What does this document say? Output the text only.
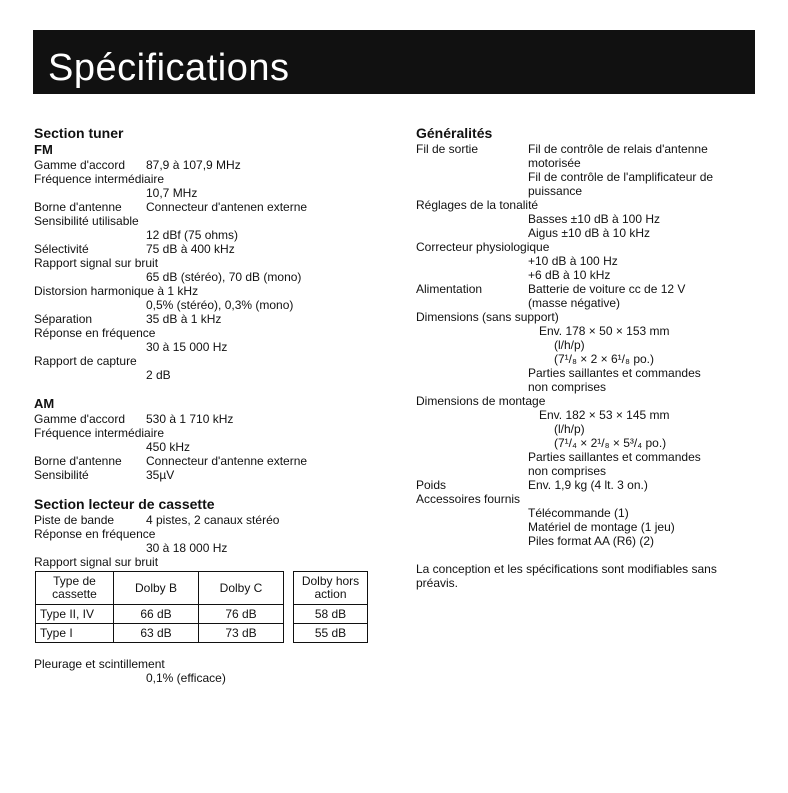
Spécifications
Section tuner
FM
Gamme d'accord 87,9 à 107,9 MHz
Fréquence intermédiaire
10,7 MHz
Borne d'antenne Connecteur d'antenen externe
Sensibilité utilisable
12 dBf (75 ohms)
Sélectivité	75 dB à 400 kHz
Rapport signal sur bruit
65 dB (stéréo), 70 dB (mono)
Distorsion harmonique à 1 kHz
0,5% (stéréo), 0,3% (mono)
Séparation	35 dB à 1 kHz
Réponse en fréquence
30 à 15 000 Hz
Rapport de capture
2 dB
AM
Gamme d'accord 530 à 1 710 kHz
Fréquence intermédiaire
450 kHz
Borne d'antenne Connecteur d'antenne externe
Sensibilité	35µV
Section lecteur de cassette
Piste de bande	4 pistes, 2 canaux stéréo
Réponse en fréquence
30 à 18 000 Hz
Rapport signal sur bruit
Type de cassette	Dolby B	Dolby C		Dolby hors action
Type II, IV	66 dB	76 dB		58 dB
Type I	63 dB	73 dB		55 dB
Pleurage et scintillement
0,1% (efficace)
Généralités
Fil de sortie	Fil de contrôle de relais d'antenne
motorisée
Fil de contrôle de l'amplificateur de
puissance
Réglages de la tonalité
Basses ±10 dB à 100 Hz
Aigus ±10 dB à 10 kHz
Correcteur physiologique
+10 dB à 100 Hz
+6 dB à 10 kHz
Alimentation	Batterie de voiture cc de 12 V
(masse négative)
Dimensions (sans support)
Env. 178 × 50 × 153 mm
(l/h/p)
(7¹/₈ × 2 × 6¹/₈ po.)
Parties saillantes et commandes
non comprises
Dimensions de montage
Env. 182 × 53 × 145 mm
(l/h/p)
(7¹/₄ × 2¹/₈ × 5³/₄ po.)
Parties saillantes et commandes
non comprises
Poids	Env. 1,9 kg (4 lt. 3 on.)
Accessoires fournis
Télécommande (1)
Matériel de montage (1 jeu)
Piles format AA (R6) (2)
La conception et les spécifications sont modifiables sans préavis.
